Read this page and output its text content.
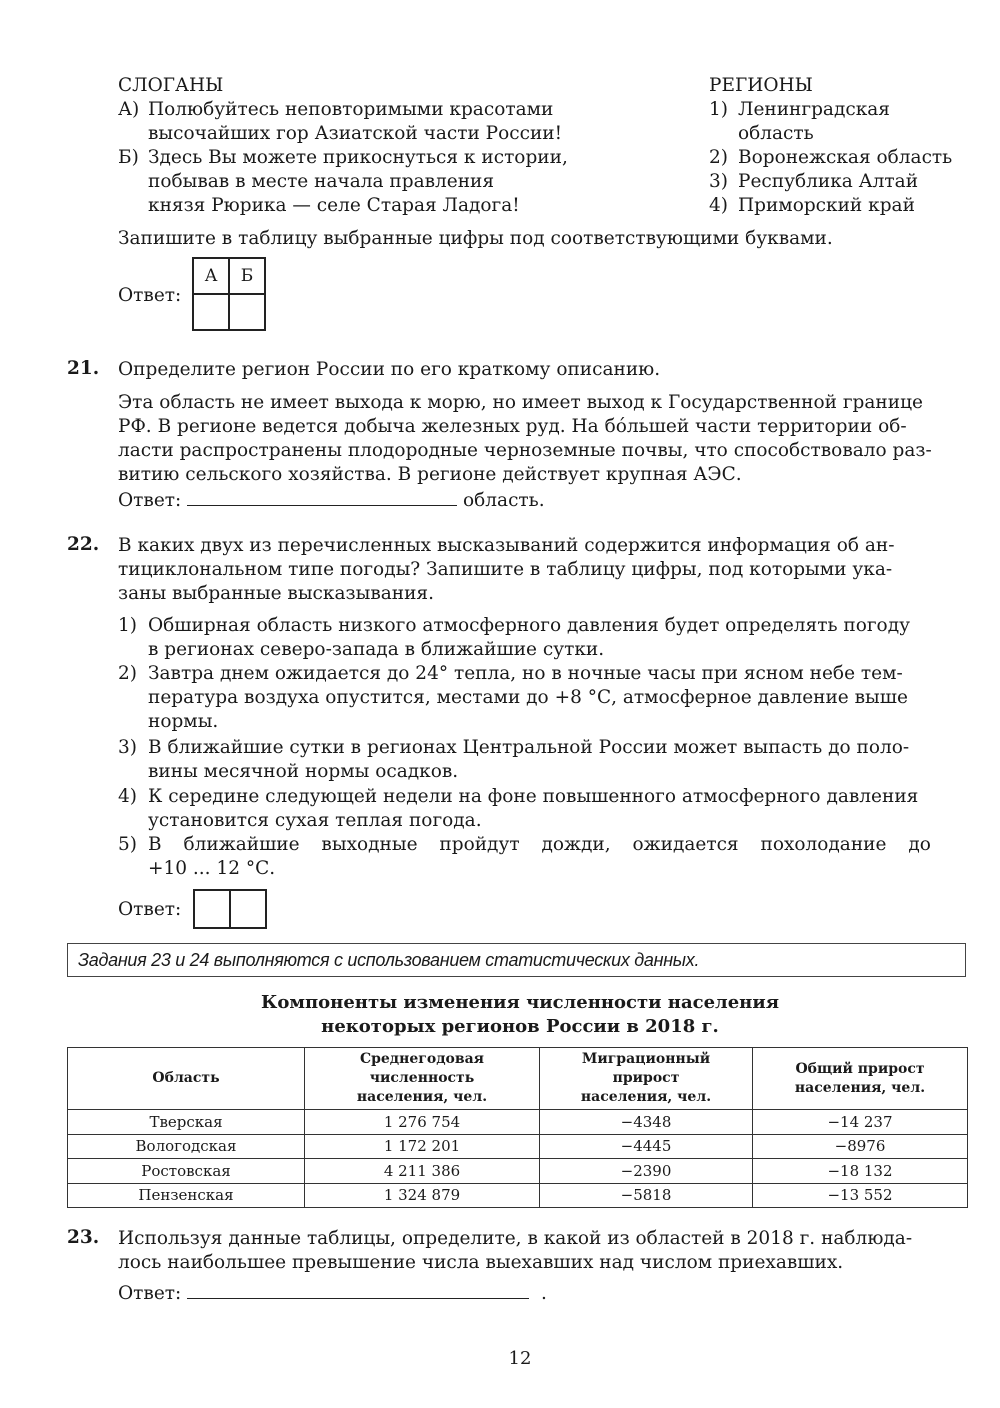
СЛОГАНЫ
А) Полюбуйтесь неповторимыми красотами
высочайших гор Азиатской части России!
Б) Здесь Вы можете прикоснуться к истории,
побывав в месте начала правления
князя Рюрика — селе Старая Ладога!
РЕГИОНЫ
1) Ленинградская
область
2) Воронежская область
3) Республика Алтай
4) Приморский край
Запишите в таблицу выбранные цифры под соответствующими буквами.
Ответ:
А	Б
21. Определите регион России по его краткому описанию.
Эта область не имеет выхода к морю, но имеет выход к Государственной границе
РФ. В регионе ведется добыча железных руд. На бóльшей части территории об-
ласти распространены плодородные черноземные почвы, что способствовало раз-
витию сельского хозяйства. В регионе действует крупная АЭС.
Ответ:	область.
22. В каких двух из перечисленных высказываний содержится информация об ан-
тициклональном типе погоды? Запишите в таблицу цифры, под которыми ука-
заны выбранные высказывания.
1) Обширная область низкого атмосферного давления будет определять погоду
в регионах северо-запада в ближайшие сутки.
2) Завтра днем ожидается до 24° тепла, но в ночные часы при ясном небе тем-
пература воздуха опустится, местами до +8 °С, атмосферное давление выше
нормы.
3) В ближайшие сутки в регионах Центральной России может выпасть до поло-
вины месячной нормы осадков.
4) К середине следующей недели на фоне повышенного атмосферного давления
установится сухая теплая погода.
5) В ближайшие выходные пройдут дожди, ожидается похолодание до
+10 ... 12 °С.
Ответ:
Задания 23 и 24 выполняются с использованием статистических данных.
Компоненты изменения численности населения
некоторых регионов России в 2018 г.
Область	Среднегодовая
численность
населения, чел.	Миграционный
прирост
населения, чел.	Общий прирост
населения, чел.
Тверская	1 276 754	−4348	−14 237
Вологодская	1 172 201	−4445	−8976
Ростовская	4 211 386	−2390	−18 132
Пензенская	1 324 879	−5818	−13 552
23. Используя данные таблицы, определите, в какой из областей в 2018 г. наблюда-
лось наибольшее превышение числа выехавших над числом приехавших.
Ответ:	.
12
